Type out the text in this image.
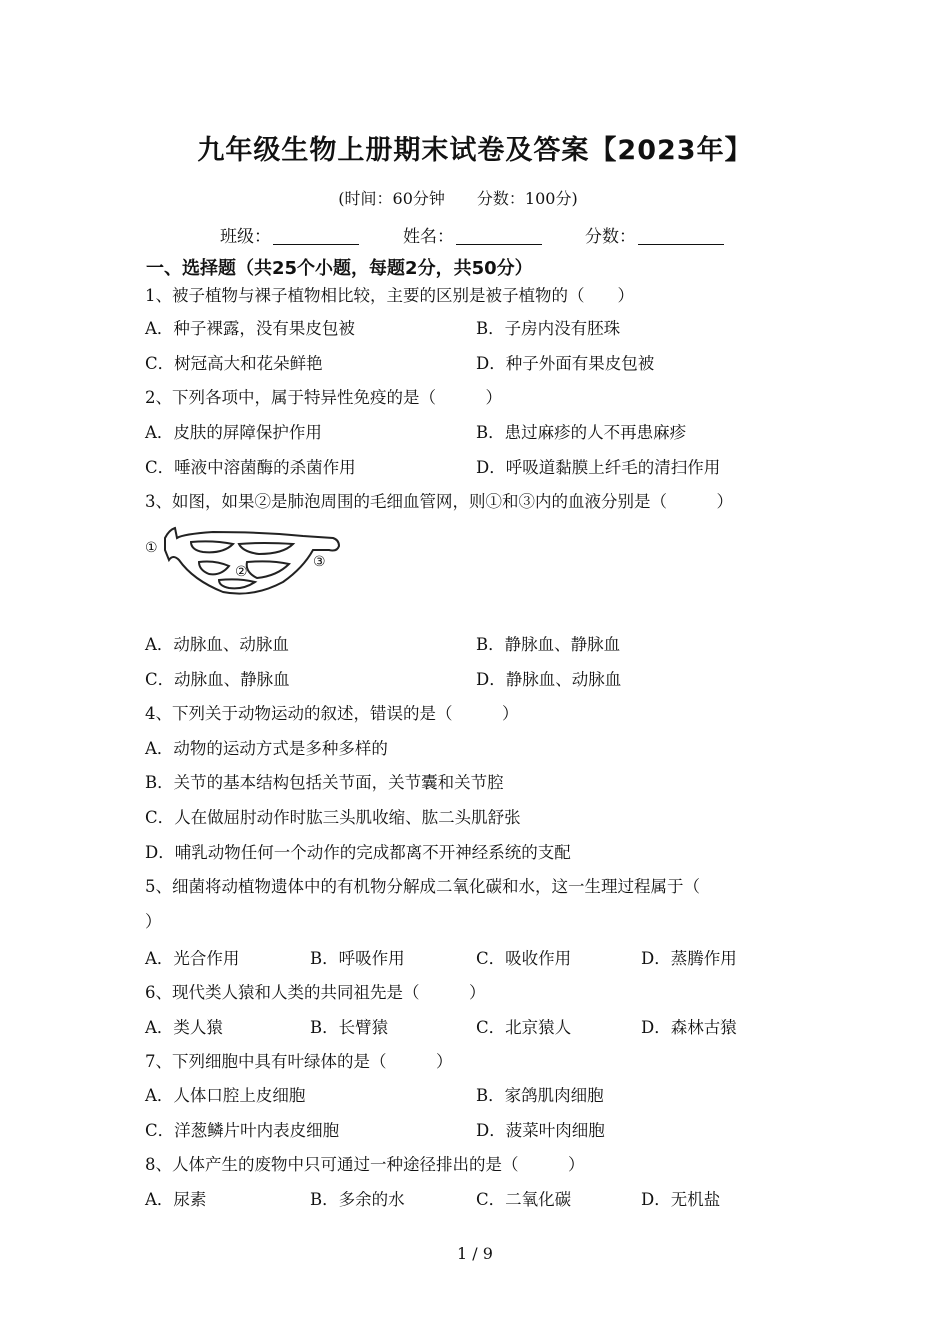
九年级生物上册期末试卷及答案【2023年】
(时间：60分钟　　分数：100分)
班级：	姓名：	分数：
一、选择题（共25个小题，每题2分，共50分）
1、被子植物与裸子植物相比较，主要的区别是被子植物的（　　）
A．种子裸露，没有果皮包被	B．子房内没有胚珠
C．树冠高大和花朵鲜艳	D．种子外面有果皮包被
2、下列各项中，属于特异性免疫的是（　　　）
A．皮肤的屏障保护作用	B．患过麻疹的人不再患麻疹
C．唾液中溶菌酶的杀菌作用	D．呼吸道黏膜上纤毛的清扫作用
3、如图，如果②是肺泡周围的毛细血管网，则①和③内的血液分别是（　　　）
①
②
③
A．动脉血、动脉血	B．静脉血、静脉血
C．动脉血、静脉血	D．静脉血、动脉血
4、下列关于动物运动的叙述，错误的是（　　　）
A．动物的运动方式是多种多样的
B．关节的基本结构包括关节面，关节囊和关节腔
C．人在做屈肘动作时肱三头肌收缩、肱二头肌舒张
D．哺乳动物任何一个动作的完成都离不开神经系统的支配
5、细菌将动植物遗体中的有机物分解成二氧化碳和水，这一生理过程属于（
）
A．光合作用	B．呼吸作用	C．吸收作用	D．蒸腾作用
6、现代类人猿和人类的共同祖先是（　　　）
A．类人猿	B．长臂猿	C．北京猿人	D．森林古猿
7、下列细胞中具有叶绿体的是（　　　）
A．人体口腔上皮细胞	B．家鸽肌肉细胞
C．洋葱鳞片叶内表皮细胞	D．菠菜叶肉细胞
8、人体产生的废物中只可通过一种途径排出的是（　　　）
A．尿素	B．多余的水	C．二氧化碳	D．无机盐
1 / 9
